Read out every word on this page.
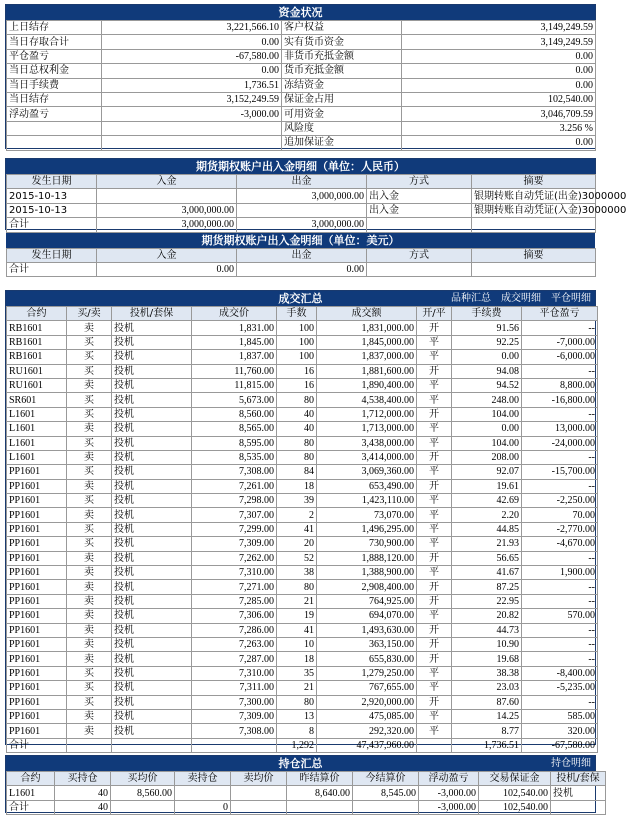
资金状况
上日结存	3,221,566.10	客户权益	3,149,249.59
当日存取合计	0.00	实有货币资金	3,149,249.59
平仓盈亏	-67,580.00	非货币充抵金额	0.00
当日总权利金	0.00	货币充抵金额	0.00
当日手续费	1,736.51	冻结资金	0.00
当日结存	3,152,249.59	保证金占用	102,540.00
浮动盈亏	-3,000.00	可用资金	3,046,709.59
		风险度	3.256 %
		追加保证金	0.00
期货期权账户出入金明细（单位：人民币）
发生日期	入金	出金	方式	摘要
2015-10-13		3,000,000.00	出入金	银期转账自动凭证(出金)3000000
2015-10-13	3,000,000.00		出入金	银期转账自动凭证(入金)3000000
合计	3,000,000.00	3,000,000.00		
期货期权账户出入金明细（单位：美元）
发生日期	入金	出金	方式	摘要
合计	0.00	0.00		
成交汇总	品种汇总 成交明细 平仓明细
合约	买/卖	投机/套保	成交价	手数	成交额	开/平	手续费	平仓盈亏
RB1601	卖	投机	1,831.00	100	1,831,000.00	开	91.56	--
RB1601	买	投机	1,845.00	100	1,845,000.00	平	92.25	-7,000.00
RB1601	买	投机	1,837.00	100	1,837,000.00	平	0.00	-6,000.00
RU1601	买	投机	11,760.00	16	1,881,600.00	开	94.08	--
RU1601	卖	投机	11,815.00	16	1,890,400.00	平	94.52	8,800.00
SR601	买	投机	5,673.00	80	4,538,400.00	平	248.00	-16,800.00
L1601	买	投机	8,560.00	40	1,712,000.00	开	104.00	--
L1601	卖	投机	8,565.00	40	1,713,000.00	平	0.00	13,000.00
L1601	买	投机	8,595.00	80	3,438,000.00	平	104.00	-24,000.00
L1601	卖	投机	8,535.00	80	3,414,000.00	开	208.00	--
PP1601	买	投机	7,308.00	84	3,069,360.00	平	92.07	-15,700.00
PP1601	卖	投机	7,261.00	18	653,490.00	开	19.61	--
PP1601	买	投机	7,298.00	39	1,423,110.00	平	42.69	-2,250.00
PP1601	卖	投机	7,307.00	2	73,070.00	平	2.20	70.00
PP1601	买	投机	7,299.00	41	1,496,295.00	平	44.85	-2,770.00
PP1601	买	投机	7,309.00	20	730,900.00	平	21.93	-4,670.00
PP1601	卖	投机	7,262.00	52	1,888,120.00	开	56.65	--
PP1601	卖	投机	7,310.00	38	1,388,900.00	平	41.67	1,900.00
PP1601	卖	投机	7,271.00	80	2,908,400.00	开	87.25	--
PP1601	卖	投机	7,285.00	21	764,925.00	开	22.95	--
PP1601	卖	投机	7,306.00	19	694,070.00	平	20.82	570.00
PP1601	卖	投机	7,286.00	41	1,493,630.00	开	44.73	--
PP1601	卖	投机	7,263.00	10	363,150.00	开	10.90	--
PP1601	卖	投机	7,287.00	18	655,830.00	开	19.68	--
PP1601	买	投机	7,310.00	35	1,279,250.00	平	38.38	-8,400.00
PP1601	买	投机	7,311.00	21	767,655.00	平	23.03	-5,235.00
PP1601	买	投机	7,300.00	80	2,920,000.00	开	87.60	--
PP1601	卖	投机	7,309.00	13	475,085.00	平	14.25	585.00
PP1601	卖	投机	7,308.00	8	292,320.00	平	8.77	320.00
合计				1,292	47,437,960.00		1,736.51	-67,580.00
持仓汇总	持仓明细
合约	买持仓	买均价	卖持仓	卖均价	昨结算价	今结算价	浮动盈亏	交易保证金	投机/套保
L1601	40	8,560.00			8,640.00	8,545.00	-3,000.00	102,540.00	投机
合计	40		0				-3,000.00	102,540.00	
